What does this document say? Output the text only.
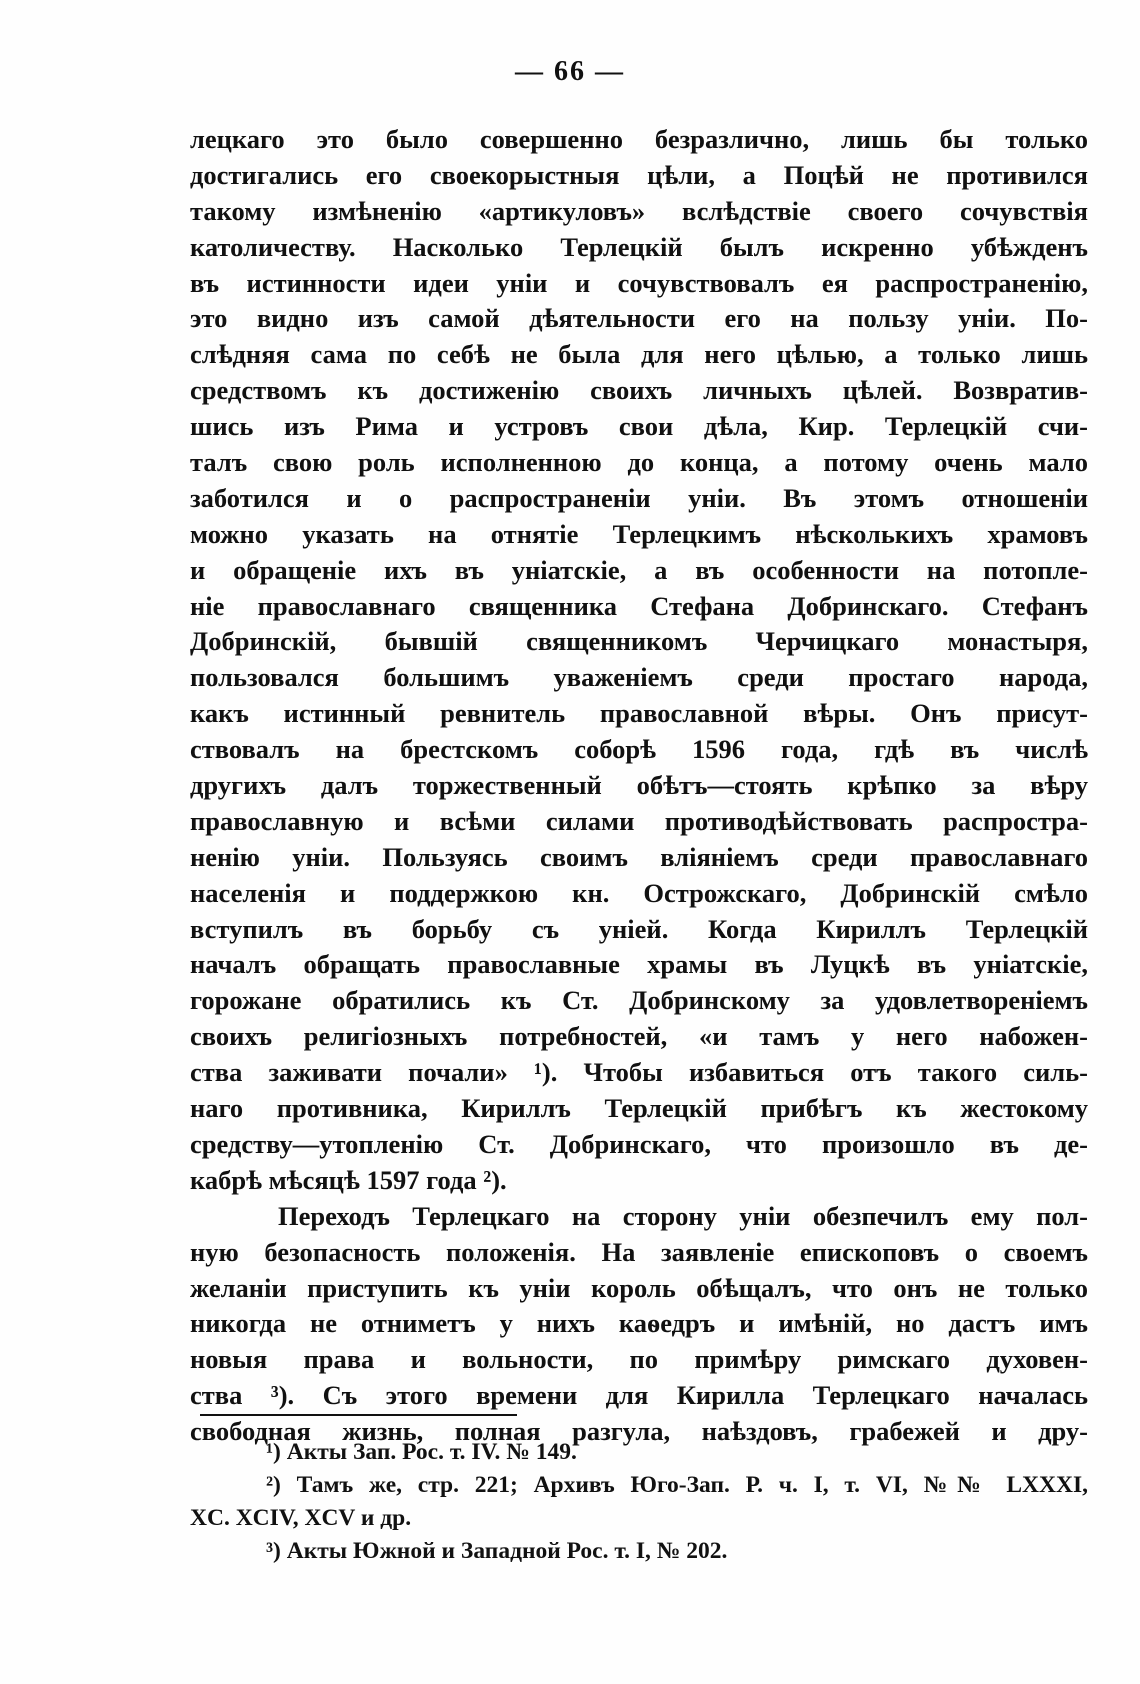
— 66 —
лецкаго это было совершенно безразлично, лишь бы только
достигались его своекорыстныя цѣли, а Поцѣй не противился
такому измѣненію «артикуловъ» вслѣдствіе своего сочувствія
католичеству. Насколько Терлецкій былъ искренно убѣжденъ
въ истинности идеи уніи и сочувствовалъ ея распространенію,
это видно изъ самой дѣятельности его на пользу уніи. По-
слѣдняя сама по себѣ не была для него цѣлью, а только лишь
средствомъ къ достиженію своихъ личныхъ цѣлей. Возвратив-
шись изъ Рима и устровъ свои дѣла, Кир. Терлецкій счи-
талъ свою роль исполненною до конца, а потому очень мало
заботился и о распространеніи уніи. Въ этомъ отношеніи
можно указать на отнятіе Терлецкимъ нѣсколькихъ храмовъ
и обращеніе ихъ въ уніатскіе, а въ особенности на потопле-
ніе православнаго священника Стефана Добринскаго. Стефанъ
Добринскій, бывшій священникомъ Черчицкаго монастыря,
пользовался большимъ уваженіемъ среди простаго народа,
какъ истинный ревнитель православной вѣры. Онъ присут-
ствовалъ на брестскомъ соборѣ 1596 года, гдѣ въ числѣ
другихъ далъ торжественный обѣтъ—стоять крѣпко за вѣру
православную и всѣми силами противодѣйствовать распростра-
ненію уніи. Пользуясь своимъ вліяніемъ среди православнаго
населенія и поддержкою кн. Острожскаго, Добринскій смѣло
вступилъ въ борьбу съ уніей. Когда Кириллъ Терлецкій
началъ обращать православные храмы въ Луцкѣ въ уніатскіе,
горожане обратились къ Ст. Добринскому за удовлетвореніемъ
своихъ религіозныхъ потребностей, «и тамъ у него набожен-
ства заживати почали» ¹). Чтобы избавиться отъ такого силь-
наго противника, Кириллъ Терлецкій прибѣгъ къ жестокому
средству—утопленію Ст. Добринскаго, что произошло въ де-
кабрѣ мѣсяцѣ 1597 года ²).
Переходъ Терлецкаго на сторону уніи обезпечилъ ему пол-
ную безопасность положенія. На заявленіе епископовъ о своемъ
желаніи приступить къ уніи король обѣщалъ, что онъ не только
никогда не отниметъ у нихъ каѳедръ и имѣній, но дастъ имъ
новыя права и вольности, по примѣру римскаго духовен-
ства ³). Съ этого времени для Кирилла Терлецкаго началась
свободная жизнь, полная разгула, наѣздовъ, грабежей и дру-
¹) Акты Зап. Рос. т. IV. № 149.
²) Тамъ же, стр. 221; Архивъ Юго-Зап. Р. ч. I, т. VI, №№ LXXXI,
XC. XCIV, XCV и др.
³) Акты Южной и Западной Рос. т. I, № 202.
